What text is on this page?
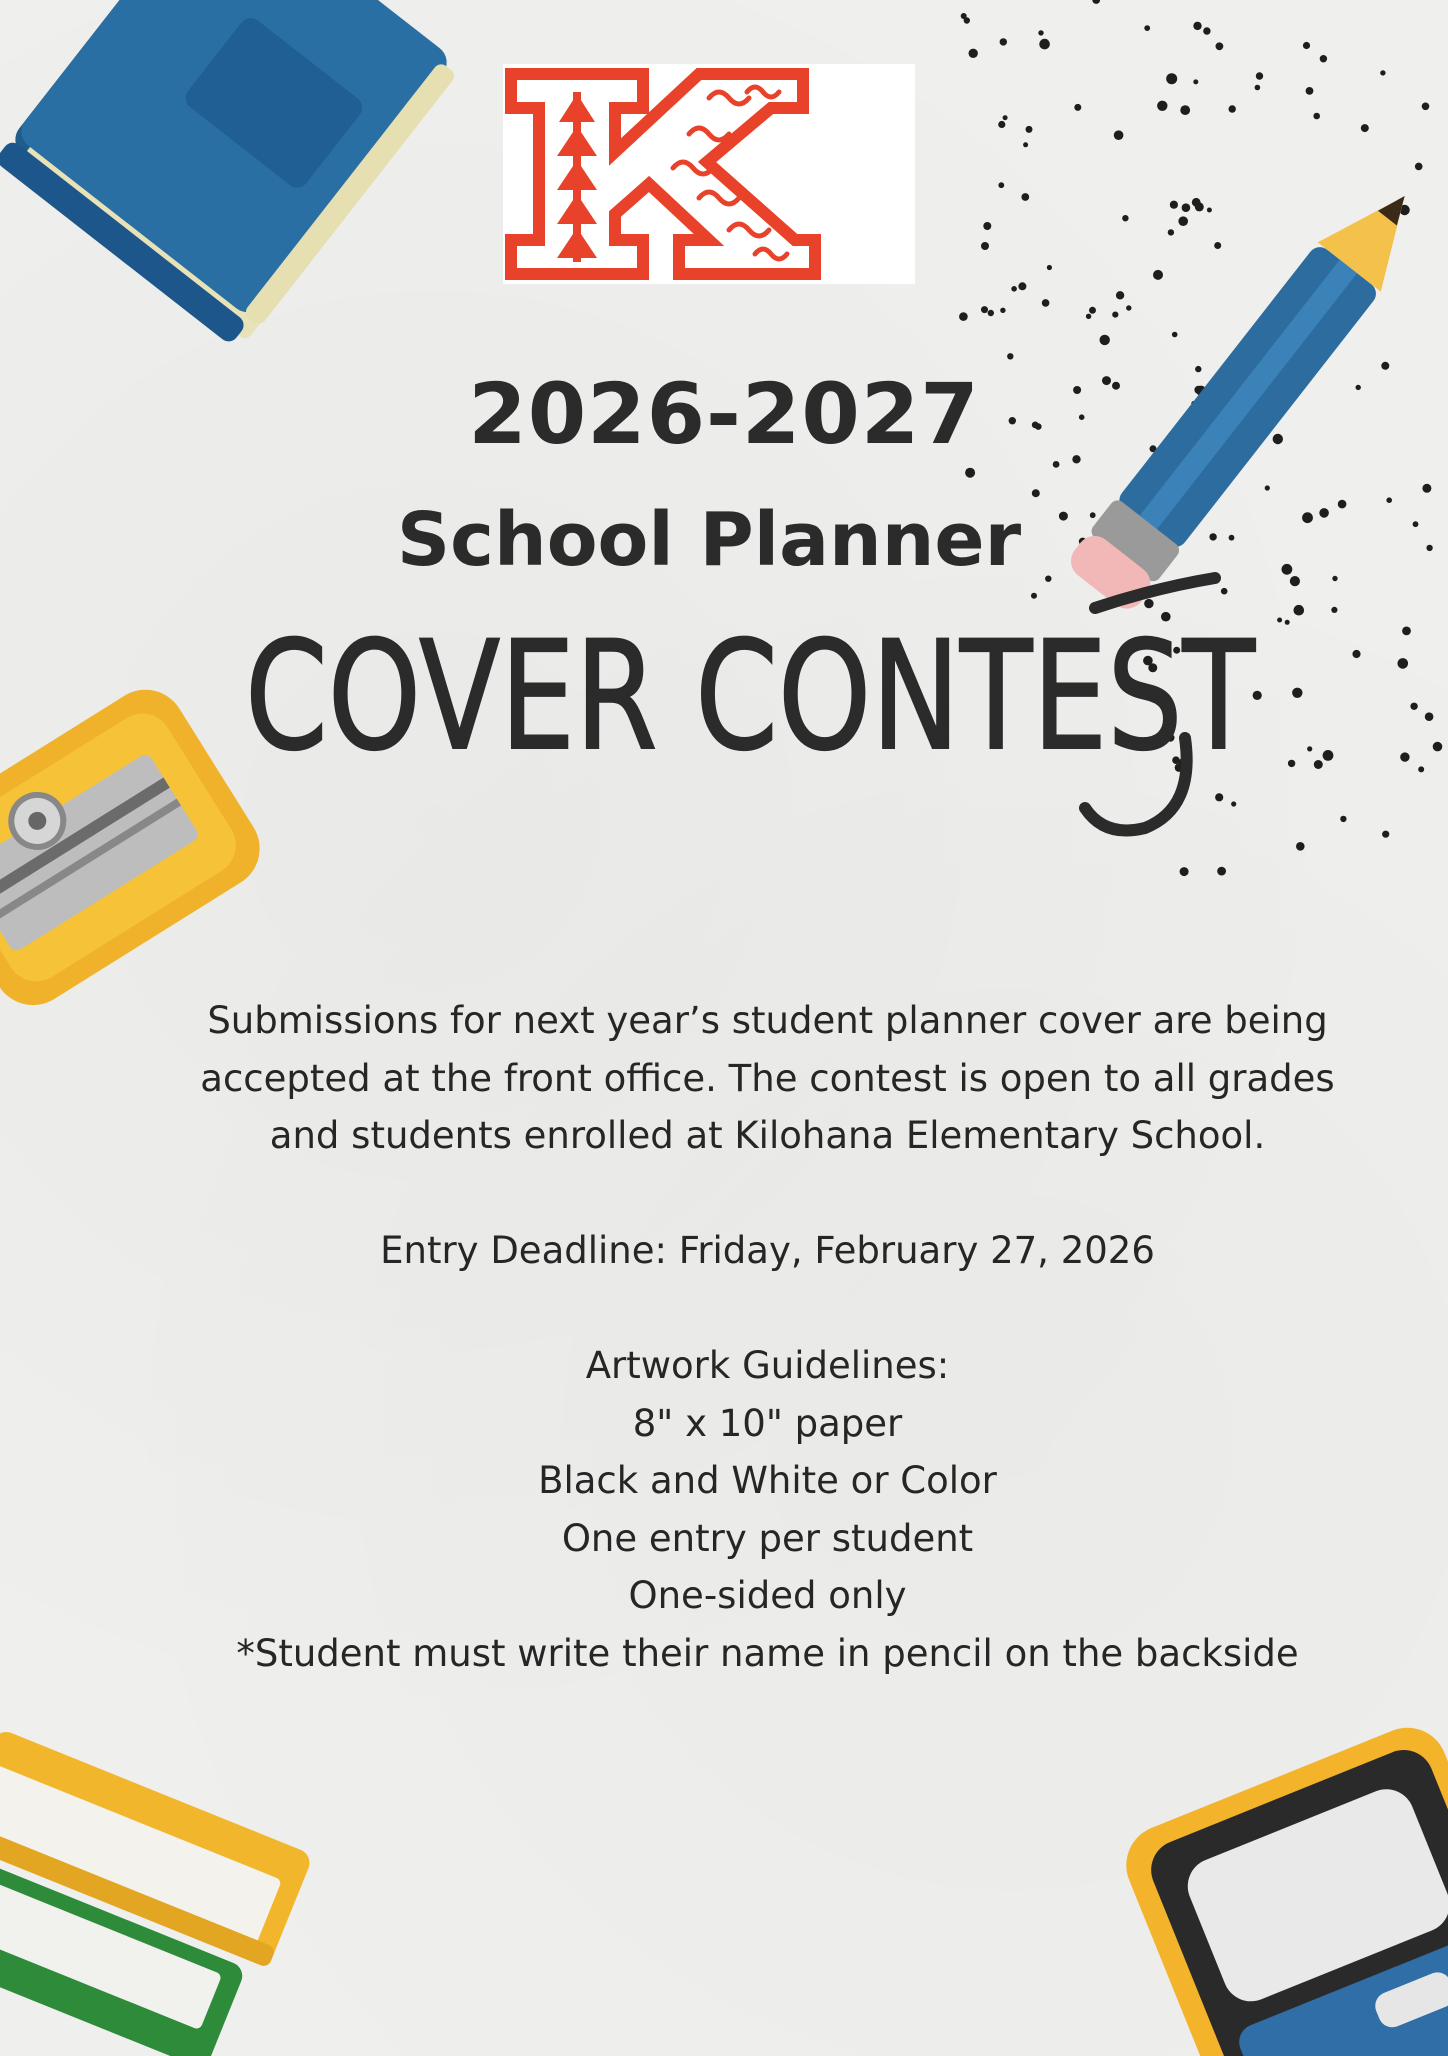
2026-2027
School Planner
COVER CONTEST

Submissions for next year’s student planner cover are being

accepted at the front office. The contest is open to all grades

and students enrolled at Kilohana Elementary School.

Entry Deadline: Friday, February 27, 2026

Artwork Guidelines:

8" x 10" paper

Black and White or Color

One entry per student

One-sided only

*Student must write their name in pencil on the backside
